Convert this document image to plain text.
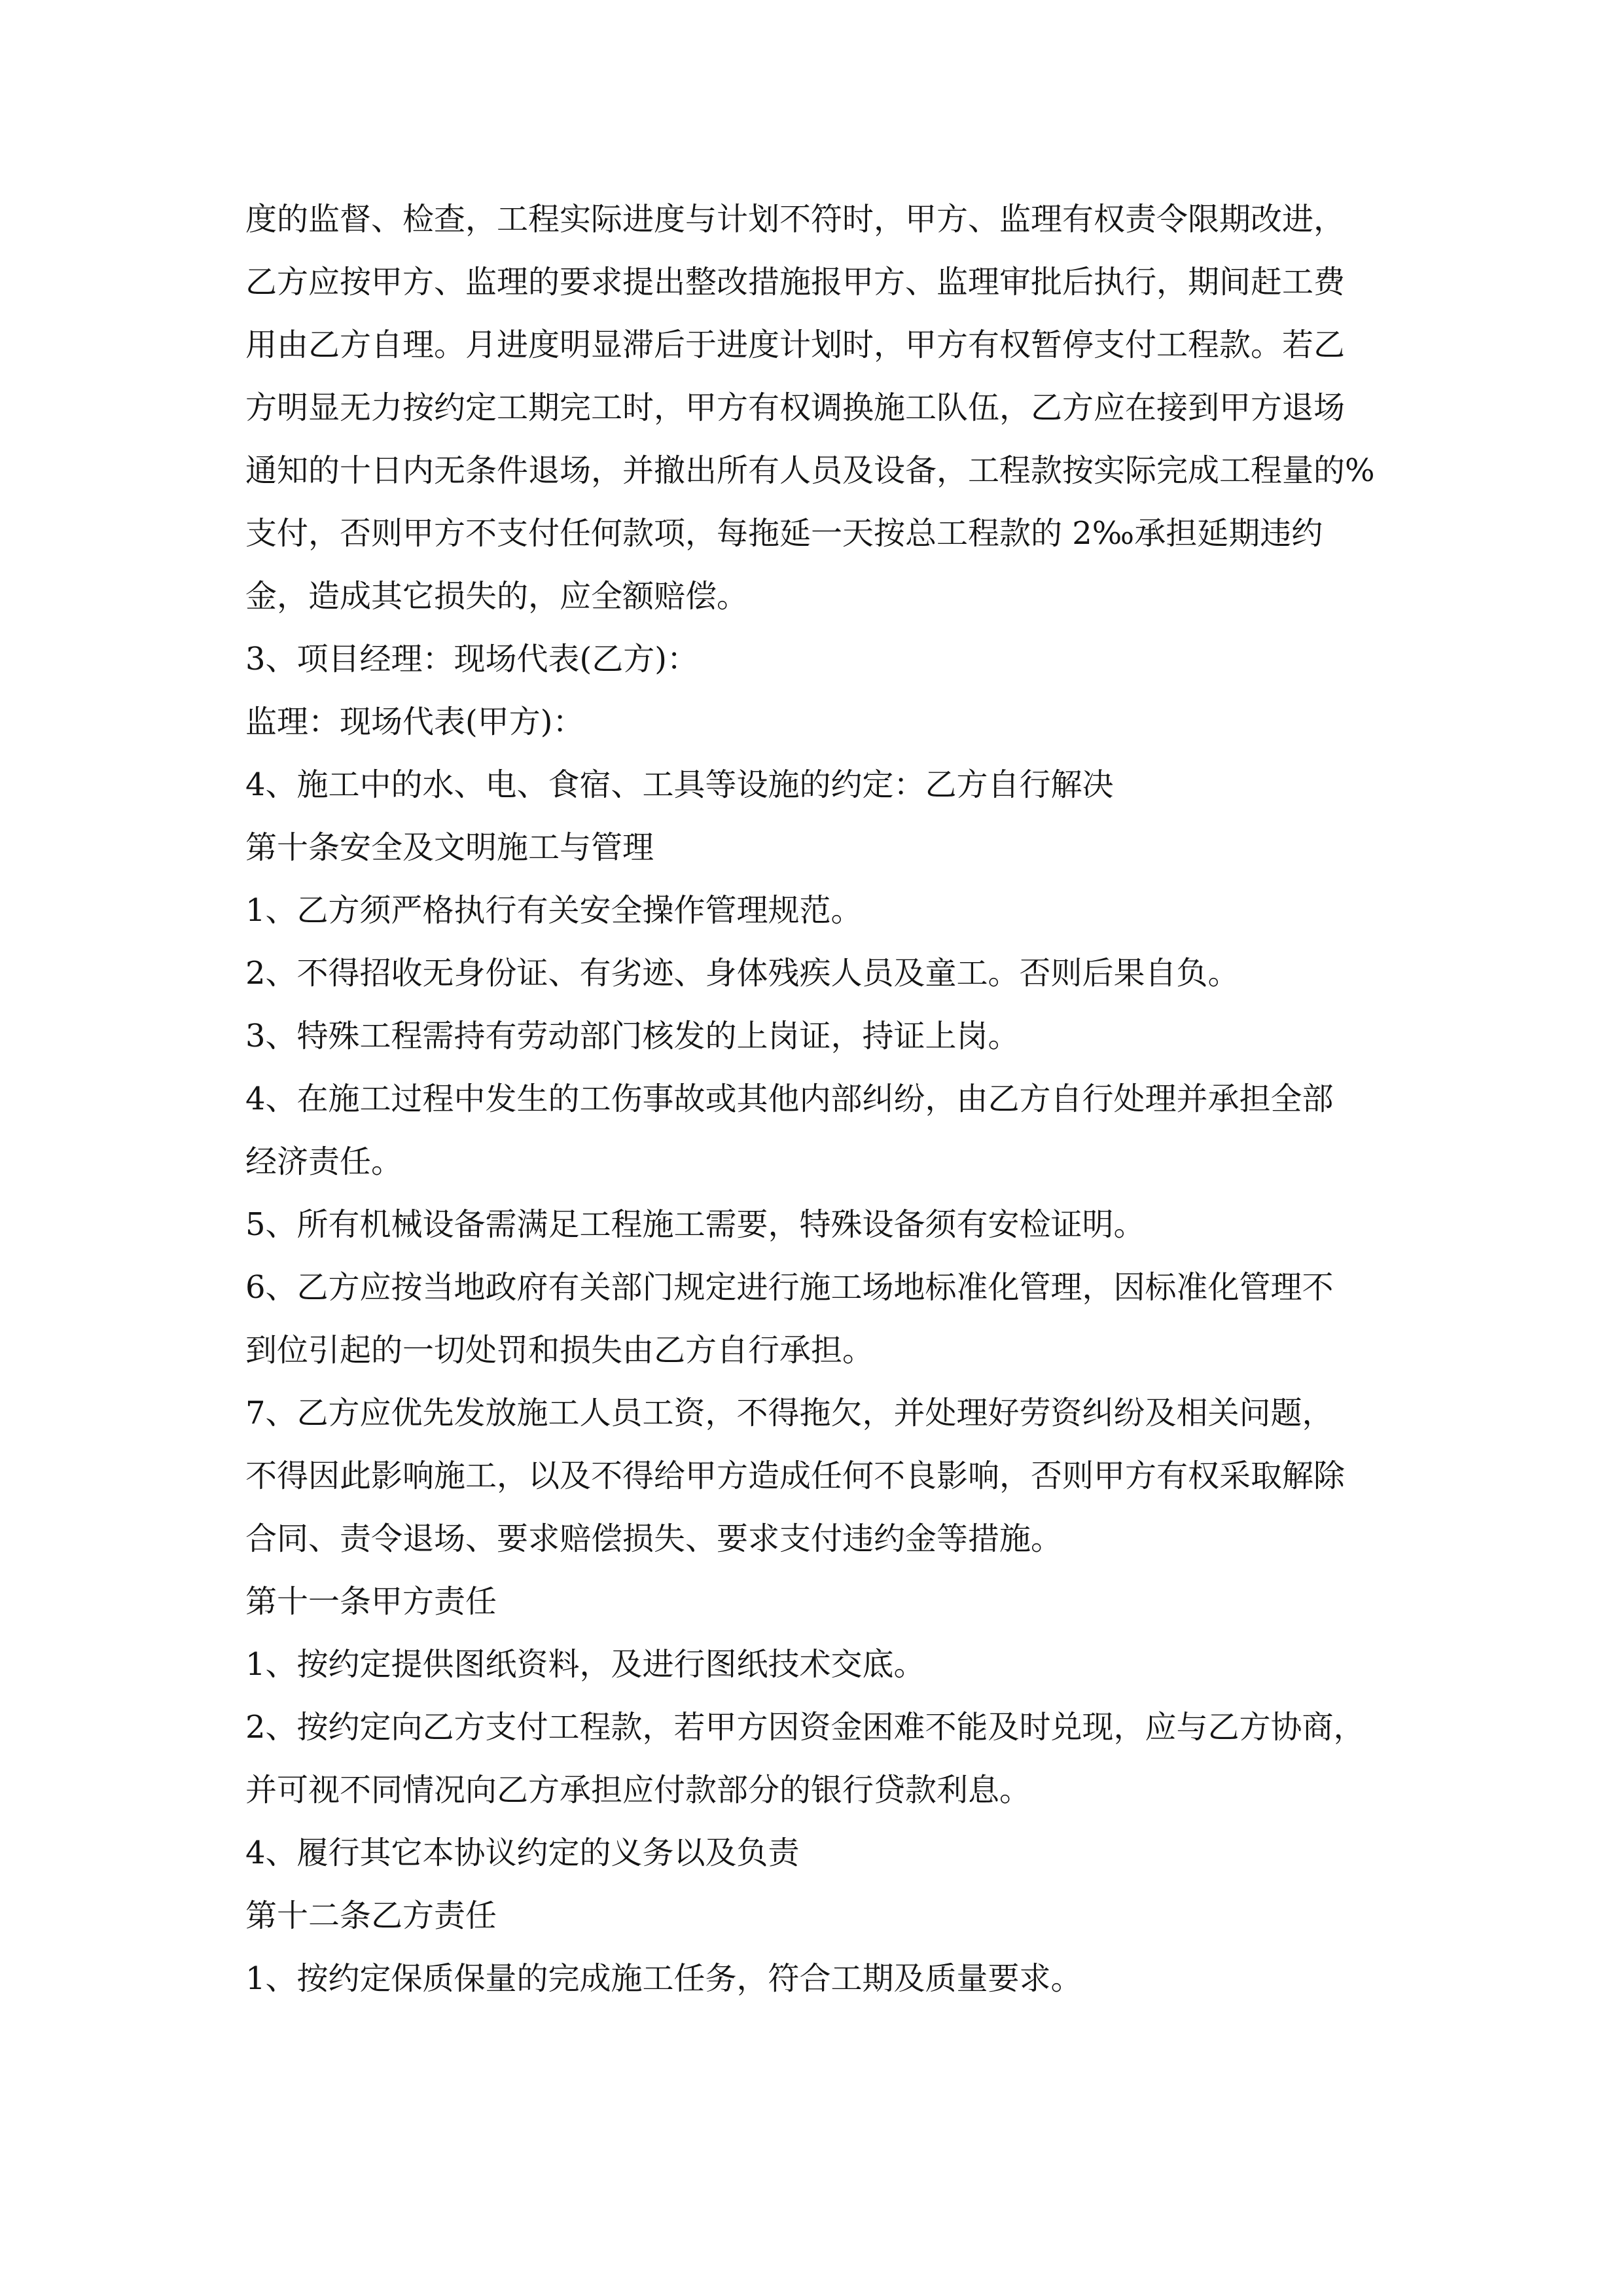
度的监督、检查，工程实际进度与计划不符时，甲方、监理有权责令限期改进，
乙方应按甲方、监理的要求提出整改措施报甲方、监理审批后执行，期间赶工费
用由乙方自理。月进度明显滞后于进度计划时，甲方有权暂停支付工程款。若乙
方明显无力按约定工期完工时，甲方有权调换施工队伍，乙方应在接到甲方退场
通知的十日内无条件退场，并撤出所有人员及设备，工程款按实际完成工程量的%
支付，否则甲方不支付任何款项，每拖延一天按总工程款的 2‰承担延期违约
金，造成其它损失的，应全额赔偿。
3、项目经理：现场代表(乙方)：
监理：现场代表(甲方)：
4、施工中的水、电、食宿、工具等设施的约定：乙方自行解决
第十条安全及文明施工与管理
1、乙方须严格执行有关安全操作管理规范。
2、不得招收无身份证、有劣迹、身体残疾人员及童工。否则后果自负。
3、特殊工程需持有劳动部门核发的上岗证，持证上岗。
4、在施工过程中发生的工伤事故或其他内部纠纷，由乙方自行处理并承担全部
经济责任。
5、所有机械设备需满足工程施工需要，特殊设备须有安检证明。
6、乙方应按当地政府有关部门规定进行施工场地标准化管理，因标准化管理不
到位引起的一切处罚和损失由乙方自行承担。
7、乙方应优先发放施工人员工资，不得拖欠，并处理好劳资纠纷及相关问题，
不得因此影响施工，以及不得给甲方造成任何不良影响，否则甲方有权采取解除
合同、责令退场、要求赔偿损失、要求支付违约金等措施。
第十一条甲方责任
1、按约定提供图纸资料，及进行图纸技术交底。
2、按约定向乙方支付工程款，若甲方因资金困难不能及时兑现，应与乙方协商，
并可视不同情况向乙方承担应付款部分的银行贷款利息。
4、履行其它本协议约定的义务以及负责
第十二条乙方责任
1、按约定保质保量的完成施工任务，符合工期及质量要求。
